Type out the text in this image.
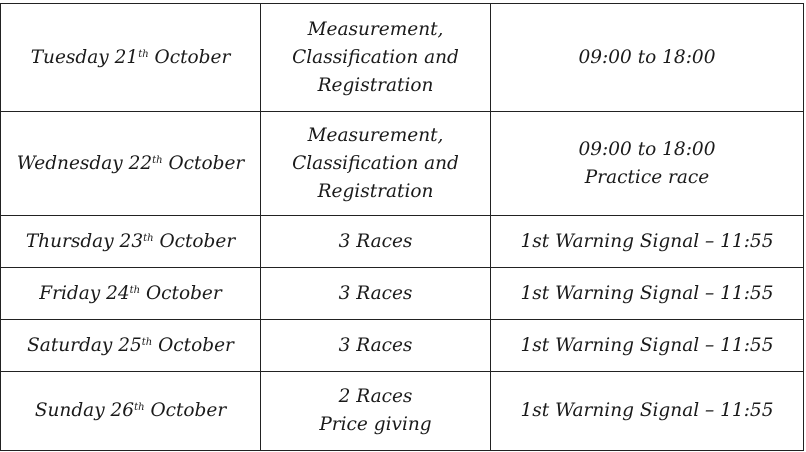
Tuesday 21th October	Measurement,
Classification and
Registration	09:00 to 18:00

Wednesday 22th October	Measurement,
Classification and
Registration	09:00 to 18:00
Practice race

Thursday 23th October	3 Races	1st Warning Signal – 11:55

Friday 24th October	3 Races	1st Warning Signal – 11:55

Saturday 25th October	3 Races	1st Warning Signal – 11:55

Sunday 26th October	2 Races
Price giving	1st Warning Signal – 11:55
